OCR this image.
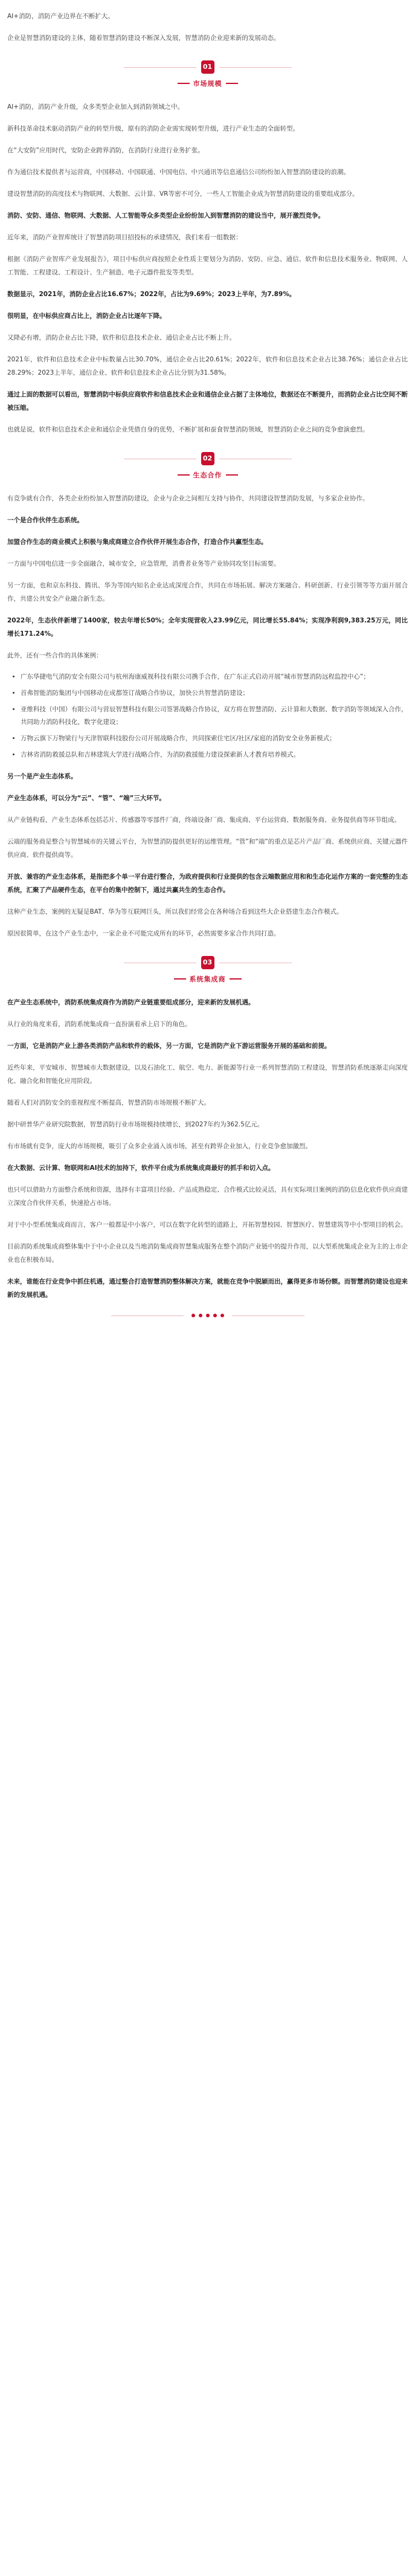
AI+消防，消防产业边界在不断扩大。

企业是智慧消防建设的主体，随着智慧消防建设不断深入发展，智慧消防企业迎来新的发展动态。

01
市场规模

AI+消防，消防产业升级，众多类型企业加入到消防领域之中。

新科技革命技术驱动消防产业的转型升级，原有的消防企业需实现转型升级，进行产业生态的全面转型。

在“大安防”应用时代，安防企业跨界消防，在消防行业进行业务扩张。

作为通信技术提供者与运营商，中国移动、中国联通、中国电信、中兴通讯等信息通信公司纷纷加入智慧消防建设的浪潮。

建设智慧消防的高度技术与物联网、大数据、云计算、VR等密不可分，一些人工智能企业成为智慧消防建设的重要组成部分。

消防、安防、通信、物联网、大数据、人工智能等众多类型企业纷纷加入到智慧消防的建设当中，展开激烈竞争。

近年来，消防产业智库统计了智慧消防项目招投标的承建情况，我们来看一组数据：

根据《消防产业智库产业发展报告》，项目中标供应商按照企业性质主要划分为消防、安防、应急、通信、软件和信息技术服务业、物联网、人工智能、工程建设、工程设计、生产制造、电子元器件批发等类型。

数据显示，2021年，消防企业占比16.67%；2022年，占比为9.69%；2023上半年，为7.89%。

很明显，在中标供应商占比上，消防企业占比逐年下降。

又降必有增，消防企业占比下降，软件和信息技术企业、通信企业占比不断上升。

2021年，软件和信息技术企业中标数量占比30.70%，通信企业占比20.61%；2022年，软件和信息技术企业占比38.76%；通信企业占比28.29%；2023上半年，通信企业、软件和信息技术企业占比分别为31.58%。

通过上面的数据可以看出，智慧消防中标供应商软件和信息技术企业和通信企业占据了主体地位，数据还在不断提升，而消防企业占比空间不断被压缩。

也就是说，软件和信息技术企业和通信企业凭借自身的优势，不断扩展和蚕食智慧消防领域，智慧消防企业之间的竞争愈演愈烈。

02
生态合作

有竞争就有合作，各类企业纷纷加入智慧消防建设，企业与企业之间相互支持与协作，共同建设智慧消防发展，与多家企业协作。

一个是合作伙伴生态系统。

加盟合作生态的商业模式上积极与集成商建立合作伙伴开展生态合作，打造合作共赢型生态。

一方面与中国电信进一步全面融合，城市安全，应急管理，消费者业务等产业协同攻坚目标需要。

另一方面，也和京东科技、腾讯、华为等国内知名企业达成深度合作，共同在市场拓展、解决方案融合、科研创新、行业引领等等方面开展合作，共建公共安全产业融合新生态。

2022年，生态伙伴新增了1400家，较去年增长50%；全年实现营收入23.99亿元，同比增长55.84%；实现净利润9,383.25万元，同比增长171.24%。

此外，还有一些合作的具体案例：

• 广东华捷电气消防安全有限公司与杭州海康威视科技有限公司携手合作，在广东正式启动开展“城市智慧消防远程监控中心”；
• 首弗智能消防集团与中国移动在成都签订战略合作协议，加快公共智慧消防建设；
• 亚维科技（中国）有限公司与营辰智慧科技有限公司签署战略合作协议，双方将在智慧消防、云计算和大数据、数字消防等领域深入合作，共同助力消防科技化，数字化建设；
• 万物云旗下万物梁行与天津智联科技股份公司开展战略合作，共同探索住宅区/社区/家庭的消防安全业务新模式；
• 吉林省消防救援总队和吉林建筑大学进行战略合作，为消防救援能力建设探索新人才教育培养模式。

另一个是产业生态体系。

产业生态体系，可以分为“云”、“管”、“端”三大环节。

从产业链构看，产业生态体系包括芯片、传感器等零部件厂商，终端设备厂商、集成商、平台运营商、数据服务商、业务提供商等环节组成。

云端的服务商是整合与智慧城市的关键云平台，为智慧消防提供更好的运维管理。“管”和“端”的重点是芯片产品厂商、系统供应商、关键元器件供应商、软件提供商等。

开放、兼容的产业生态体系，是指把多个单一平台进行整合，为政府提供和行业提供的包含云端数据应用和和生态化运作方案的一套完整的生态系统，汇聚了产品硬件生态，在平台的集中控制下，通过共赢共生的生态合作。

这种产业生态，案例的无疑是BAT、华为等互联网巨头，所以我们经常会在各种场合看到这些大企业搭建生态合作模式。

原因很简单，在这个产业生态中，一家企业不可能完成所有的环节，必然需要多家合作共同打造。

03
系统集成商

在产业生态系统中，消防系统集成商作为消防产业链重要组成部分，迎来新的发展机遇。

从行业的角度来看，消防系统集成商一直扮演着承上启下的角色。

一方面，它是消防产业上游各类消防产品和软件的载体，另一方面，它是消防产业下游运营服务开展的基础和前提。

近些年来，平安城市、智慧城市大数据建设，以及石油化工、航空、电力、新能源等行业一系列智慧消防工程建设，智慧消防系统逐渐走向深度化、融合化和智能化应用阶段。

随着人们对消防安全的重视程度不断提高，智慧消防市场规模不断扩大。

据中研普华产业研究院数据，智慧消防行业市场规模持续增长，到2027年约为362.5亿元。

有市场就有竞争，庞大的市场规模，吸引了众多企业涌入该市场，甚至有跨界企业加入，行业竞争愈加激烈。

在大数据、云计算、物联网和AI技术的加持下，软件平台成为系统集成商最好的抓手和切入点。

也只可以借助力方面整合系统和资源，选择有丰富项目经验、产品成熟稳定、合作模式比较灵活，具有实际项目案例的消防信息化软件供应商建立深度合作伙伴关系，快速抢占市场。

对于中小型系统集成商而言，客户一般都是中小客户，可以在数字化转型的道路上，开拓智慧校园、智慧医疗、智慧建筑等中小型项目的机会。

目前消防系统集成商整体集中于中小企业以及当地消防集成商智慧集成服务在整个消防产业链中的提升作用，以大型系统集成企业为主的上市企业也在积极布局。

未来，谁能在行业竞争中抓住机遇，通过整合打造智慧消防整体解决方案，就能在竞争中脱颖而出，赢得更多市场份额。而智慧消防建设也迎来新的发展机遇。
